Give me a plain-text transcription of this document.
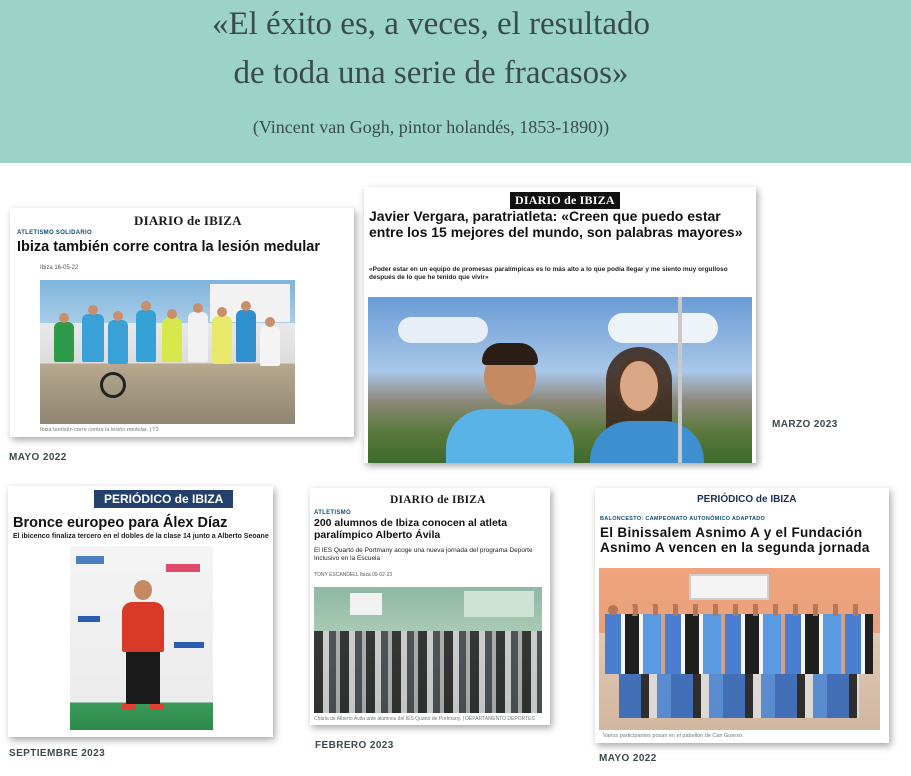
«El éxito es, a veces, el resultado
de toda una serie de fracasos»
(Vincent van Gogh, pintor holandés, 1853-1890))
DIARIO de IBIZA
ATLETISMO SOLIDARIO
Ibiza también corre contra la lesión medular
Ibiza 16-05-22
Ibiza también corre contra la lesión medular. | T3
MAYO 2022
DIARIO de IBIZA
Javier Vergara, paratriatleta: «Creen que puedo estar entre los 15 mejores del mundo, son palabras mayores»
«Poder estar en un equipo de promesas paralímpicas es lo más alto a lo que podía llegar y me siento muy orgulloso después de lo que he tenido que vivir»
MARZO 2023
PERIÓDICO de IBIZA
Bronce europeo para Álex Díaz
El ibicenco finaliza tercero en el dobles de la clase 14 junto a Alberto Seoane
SEPTIEMBRE 2023
DIARIO de IBIZA
ATLETISMO
200 alumnos de Ibiza conocen al atleta paralímpico Alberto Ávila
El IES Quartó de Portmany acoge una nueva jornada del programa Deporte Inclusivo en la Escuela
TONY ESCANDELL Ibiza 09·02·23
Charla de Alberto Ávila ante alumnos del IES Quartó de Portmany. | DEPARTAMENTO DEPORTES
FEBRERO 2023
PERIÓDICO de IBIZA
BALONCESTO: CAMPEONATO AUTONÓMICO ADAPTADO
El Binissalem Asnimo A y el Fundación Asnimo A vencen en la segunda jornada
Varios participantes posan en el pabellón de Can Guerxo.
MAYO 2022
